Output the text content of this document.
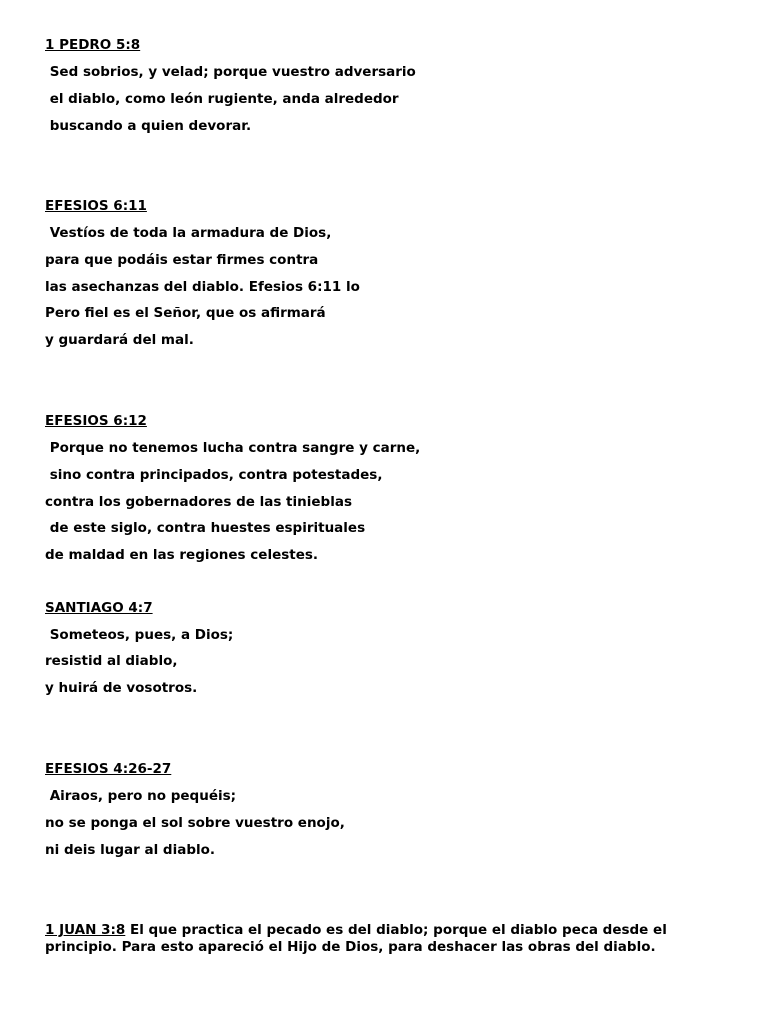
1 PEDRO 5:8
Sed sobrios, y velad; porque vuestro adversario
el diablo, como león rugiente, anda alrededor
buscando a quien devorar.
EFESIOS 6:11
Vestíos de toda la armadura de Dios,
para que podáis estar firmes contra
las asechanzas del diablo. Efesios 6:11 lo
Pero fiel es el Señor, que os afirmará
y guardará del mal.
EFESIOS 6:12
Porque no tenemos lucha contra sangre y carne,
sino contra principados, contra potestades,
contra los gobernadores de las tinieblas
de este siglo, contra huestes espirituales
de maldad en las regiones celestes.
SANTIAGO 4:7
Someteos, pues, a Dios;
resistid al diablo,
y huirá de vosotros.
EFESIOS 4:26-27
Airaos, pero no pequéis;
no se ponga el sol sobre vuestro enojo,
ni deis lugar al diablo.
1 JUAN 3:8 El que practica el pecado es del diablo; porque el diablo peca desde el principio. Para esto apareció el Hijo de Dios, para deshacer las obras del diablo.
